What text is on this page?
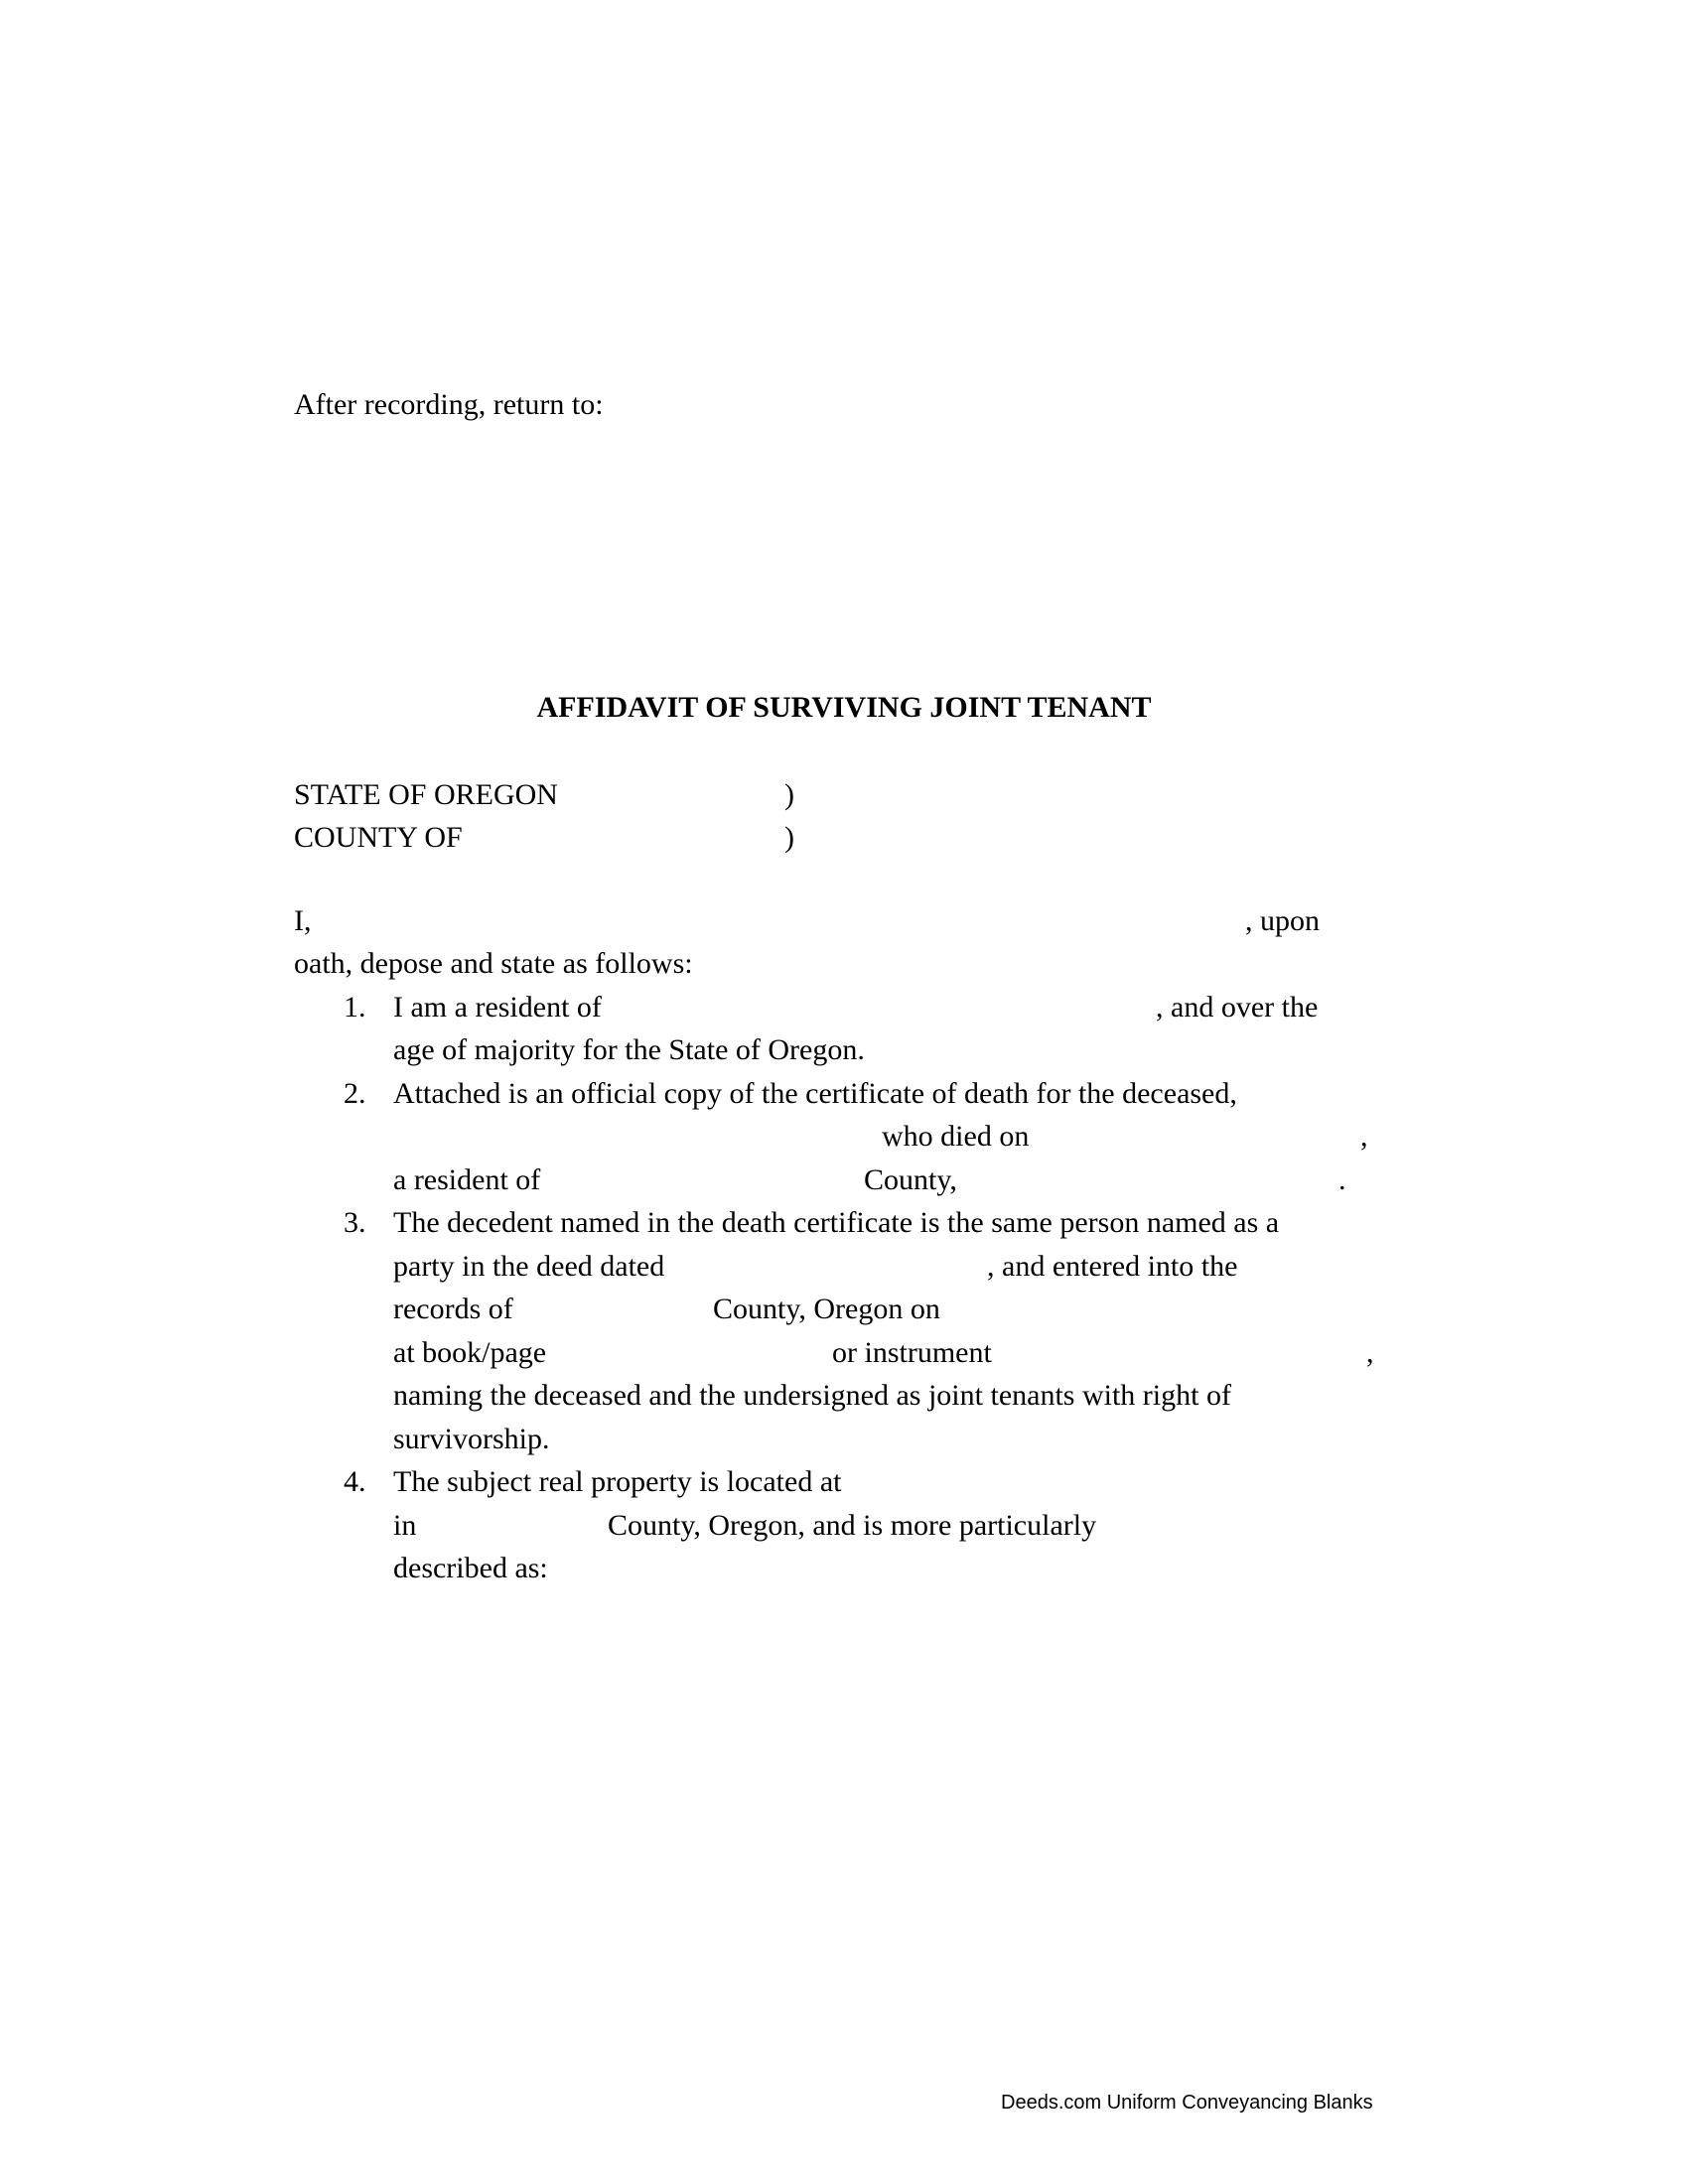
After recording, return to:
AFFIDAVIT OF SURVIVING JOINT TENANT
STATE OF OREGON	)
COUNTY OF	)
I,	, upon
oath, depose and state as follows:
1. I am a resident of	, and over the
age of majority for the State of Oregon.
2. Attached is an official copy of the certificate of death for the deceased,
who died on	,
a resident of	County,	.
3. The decedent named in the death certificate is the same person named as a
party in the deed dated	, and entered into the
records of	County, Oregon on
at book/page	or instrument	,
naming the deceased and the undersigned as joint tenants with right of
survivorship.
4. The subject real property is located at
in	County, Oregon, and is more particularly
described as:
Deeds.com Uniform Conveyancing Blanks
